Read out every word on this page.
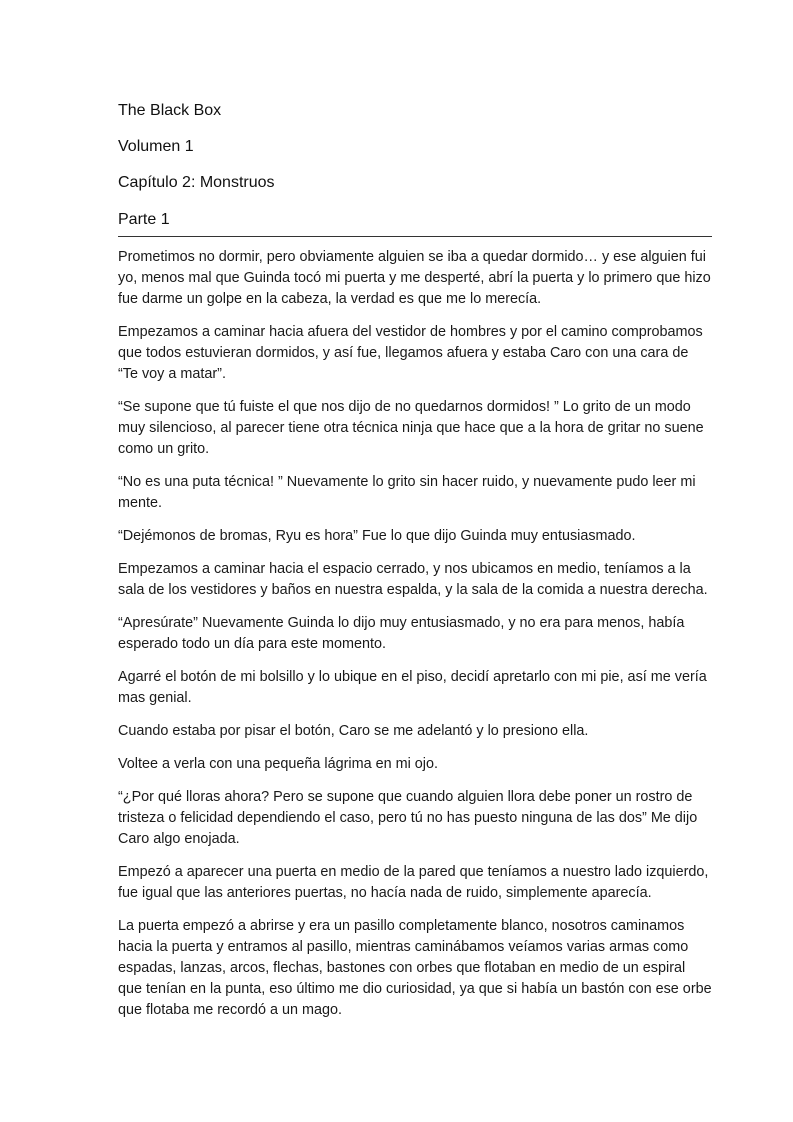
The Black Box
Volumen 1
Capítulo 2: Monstruos
Parte 1

Prometimos no dormir, pero obviamente alguien se iba a quedar dormido… y ese alguien fui yo, menos mal que Guinda tocó mi puerta y me desperté, abrí la puerta y lo primero que hizo fue darme un golpe en la cabeza, la verdad es que me lo merecía.

Empezamos a caminar hacia afuera del vestidor de hombres y por el camino comprobamos que todos estuvieran dormidos, y así fue, llegamos afuera y estaba Caro con una cara de “Te voy a matar”.

“Se supone que tú fuiste el que nos dijo de no quedarnos dormidos! ” Lo grito de un modo muy silencioso, al parecer tiene otra técnica ninja que hace que a la hora de gritar no suene como un grito.

“No es una puta técnica! ” Nuevamente lo grito sin hacer ruido, y nuevamente pudo leer mi mente.

“Dejémonos de bromas, Ryu es hora” Fue lo que dijo Guinda muy entusiasmado.

Empezamos a caminar hacia el espacio cerrado, y nos ubicamos en medio, teníamos a la sala de los vestidores y baños en nuestra espalda, y la sala de la comida a nuestra derecha.

“Apresúrate” Nuevamente Guinda lo dijo muy entusiasmado, y no era para menos, había esperado todo un día para este momento.

Agarré el botón de mi bolsillo y lo ubique en el piso, decidí apretarlo con mi pie, así me vería mas genial.

Cuando estaba por pisar el botón, Caro se me adelantó y lo presiono ella.

Voltee a verla con una pequeña lágrima en mi ojo.

“¿Por qué lloras ahora? Pero se supone que cuando alguien llora debe poner un rostro de tristeza o felicidad dependiendo el caso, pero tú no has puesto ninguna de las dos” Me dijo Caro algo enojada.

Empezó a aparecer una puerta en medio de la pared que teníamos a nuestro lado izquierdo, fue igual que las anteriores puertas, no hacía nada de ruido, simplemente aparecía.

La puerta empezó a abrirse y era un pasillo completamente blanco, nosotros caminamos hacia la puerta y entramos al pasillo, mientras caminábamos veíamos varias armas como espadas, lanzas, arcos, flechas, bastones con orbes que flotaban en medio de un espiral que tenían en la punta, eso último me dio curiosidad, ya que si había un bastón con ese orbe que flotaba me recordó a un mago.
